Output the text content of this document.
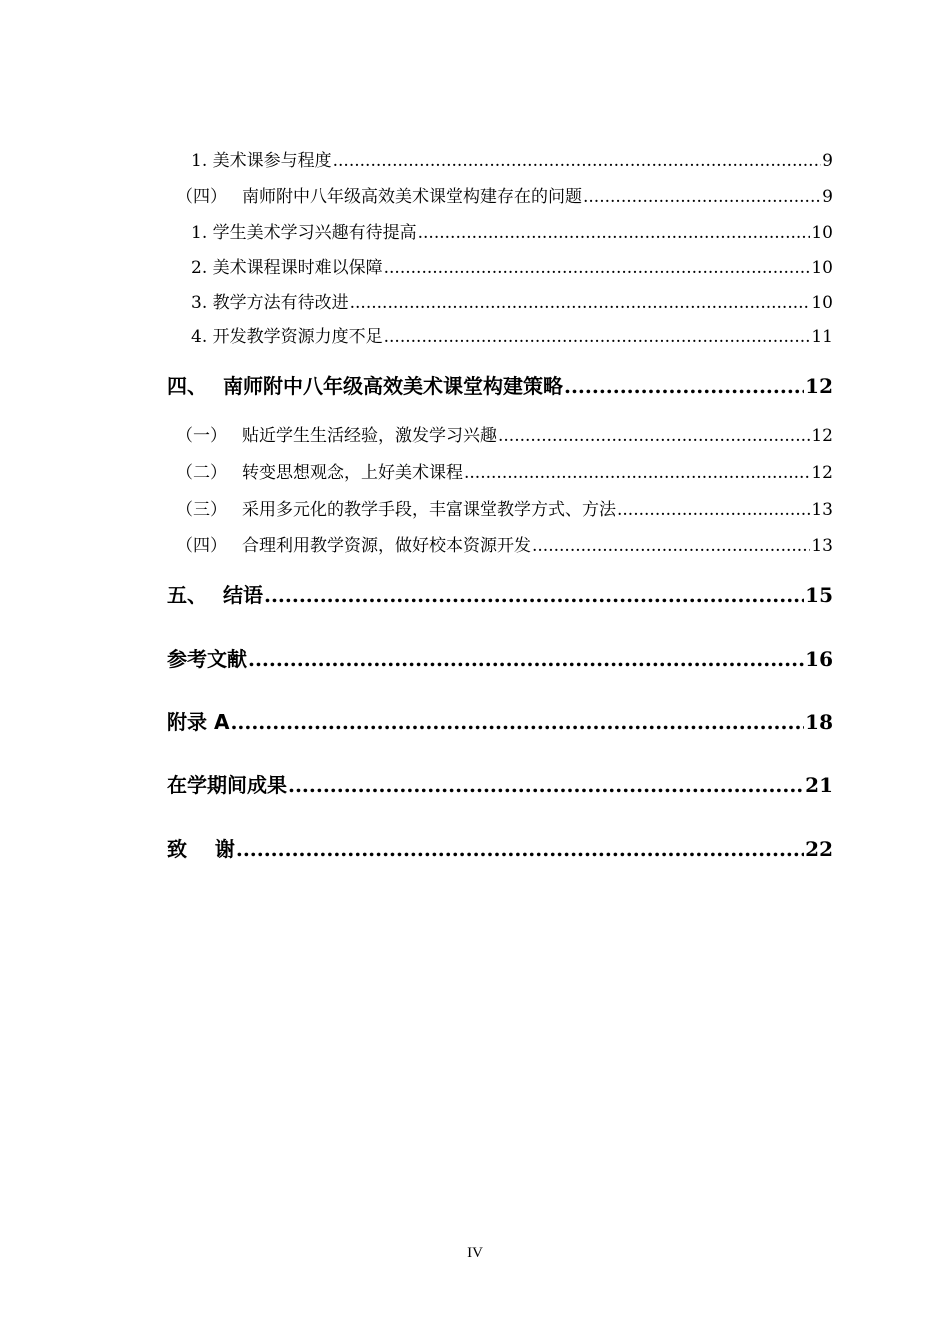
1. 美术课参与程度 .....	9
（四） 南师附中八年级高效美术课堂构建存在的问题 .....	9
1. 学生美术学习兴趣有待提高 .....	10
2. 美术课程课时难以保障 .....	10
3. 教学方法有待改进 .....	10
4. 开发教学资源力度不足 .....	11
四、 南师附中八年级高效美术课堂构建策略 .....	12
（一） 贴近学生生活经验，激发学习兴趣 .....	12
（二） 转变思想观念，上好美术课程 .....	12
（三） 采用多元化的教学手段，丰富课堂教学方式、方法 .....	13
（四） 合理利用教学资源，做好校本资源开发 .....	13
五、 结语 .....	15
参考文献 .....	16
附录 A .....	18
在学期间成果 .....	21
致    谢 .....	22
IV
